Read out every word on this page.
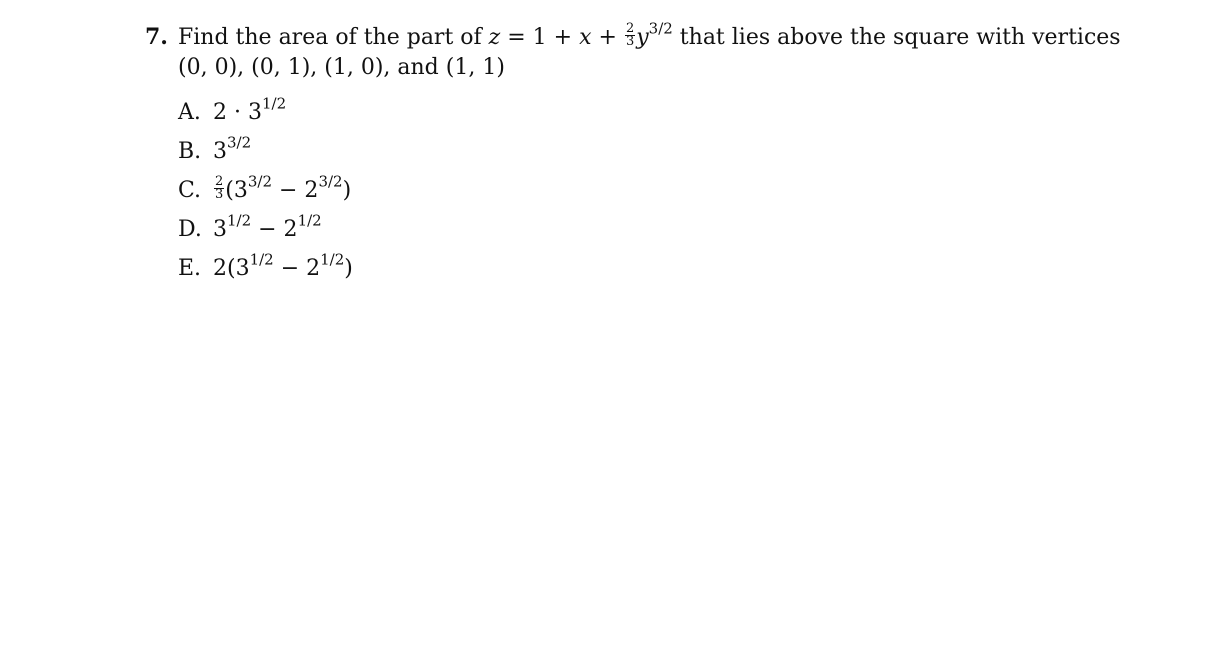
7. Find the area of the part of $z = 1 + x + \frac{2}{3} y^{3/2}$ that lies above the square with vertices
(0, 0), (0, 1), (1, 0), and (1, 1)
A. $2 \cdot 3^{1/2}$
B. $3^{3/2}$
C. $\frac{2}{3} (3^{3/2} - 2^{3/2})$
D. $3^{1/2} - 2^{1/2}$
E. $2(3^{1/2} - 2^{1/2})$
